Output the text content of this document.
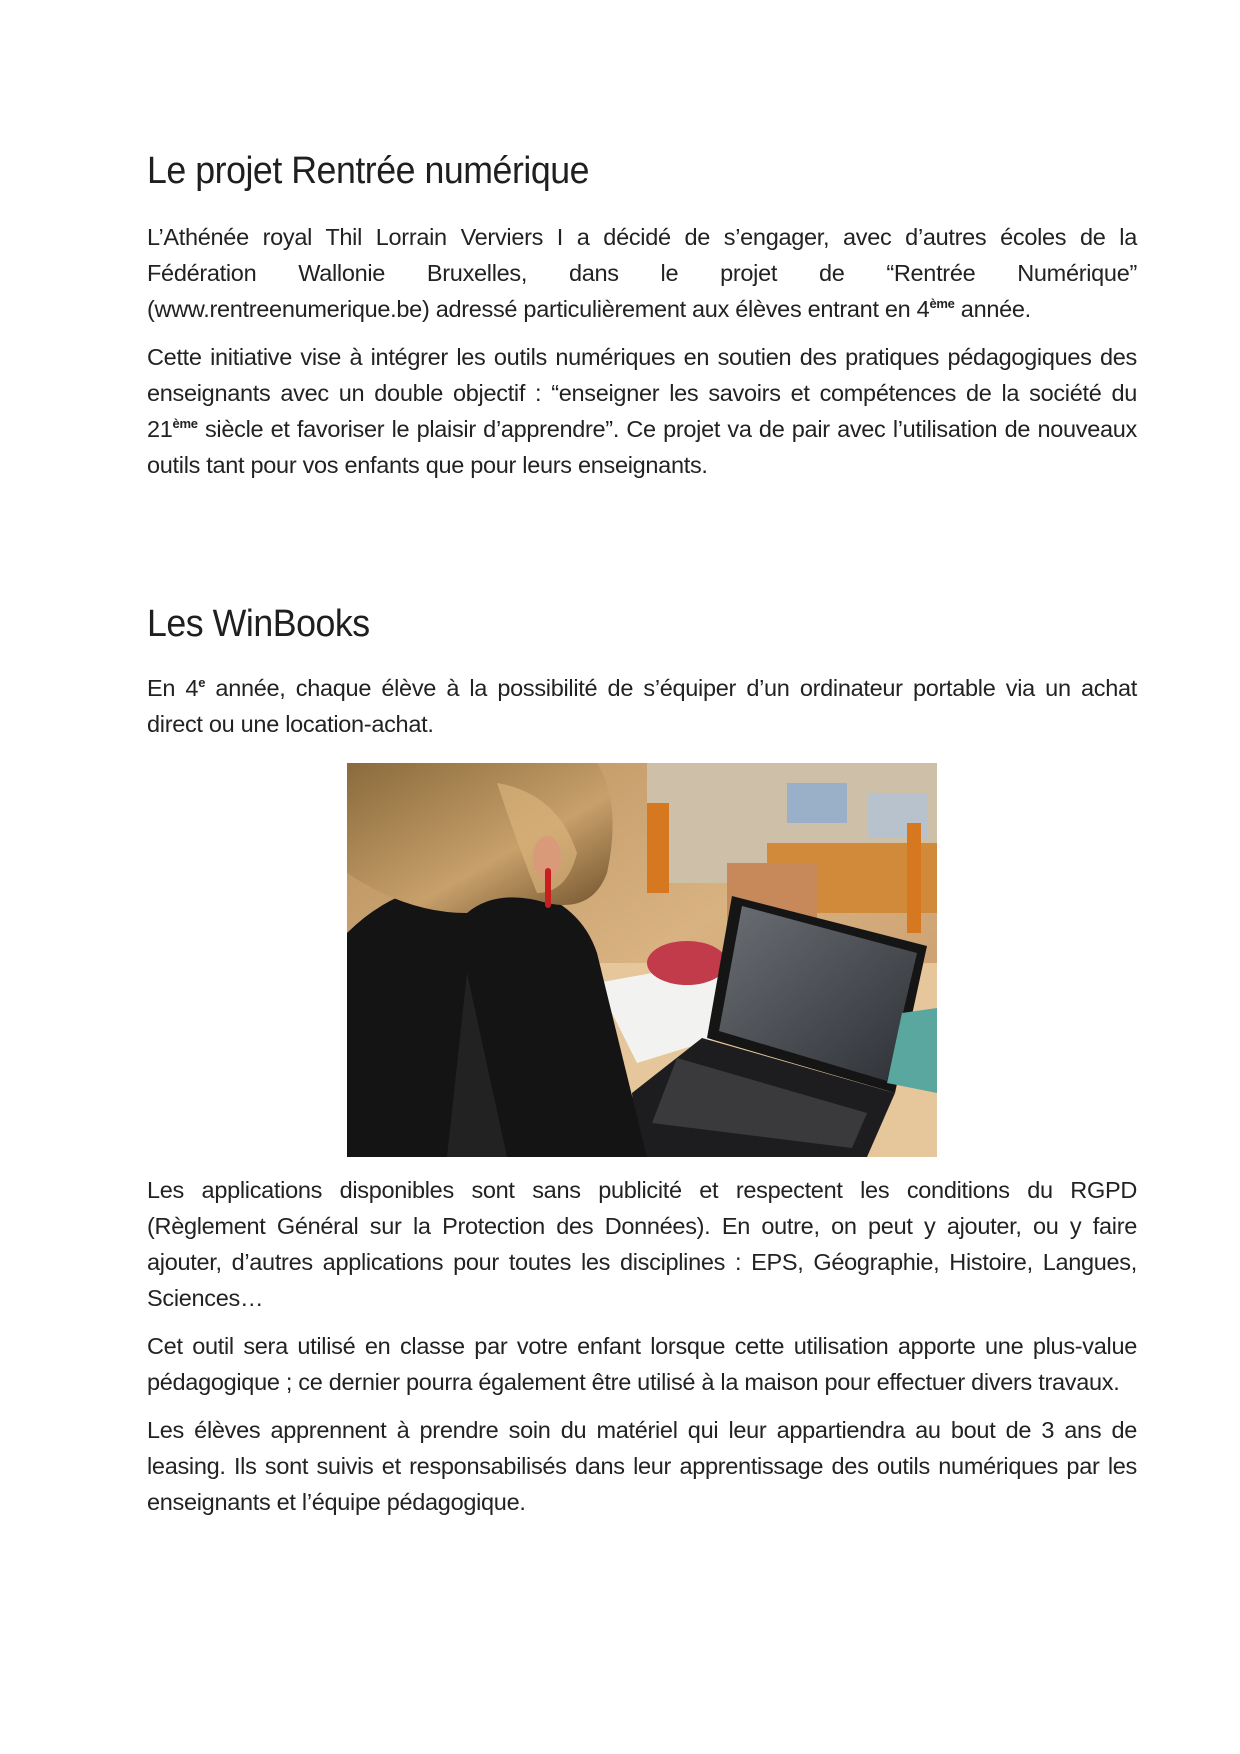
Le projet Rentrée numérique

L’Athénée royal Thil Lorrain Verviers I a décidé de s’engager, avec d’autres écoles de la Fédération Wallonie Bruxelles, dans le projet de “Rentrée Numérique” (www.rentreenumerique.be) adressé particulièrement aux élèves entrant en 4ème année.

Cette initiative vise à intégrer les outils numériques en soutien des pratiques pédagogiques des enseignants avec un double objectif : “enseigner les savoirs et compétences de la société du 21ème siècle et favoriser le plaisir d’apprendre”. Ce projet va de pair avec l’utilisation de nouveaux outils tant pour vos enfants que pour leurs enseignants.

Les WinBooks

En 4e année, chaque élève à la possibilité de s’équiper d’un ordinateur portable via un achat direct ou une location-achat.

Les applications disponibles sont sans publicité et respectent les conditions du RGPD (Règlement Général sur la Protection des Données). En outre, on peut y ajouter, ou y faire ajouter, d’autres applications pour toutes les disciplines : EPS, Géographie, Histoire, Langues, Sciences…

Cet outil sera utilisé en classe par votre enfant lorsque cette utilisation apporte une plus-value pédagogique ; ce dernier pourra également être utilisé à la maison pour effectuer divers travaux.

Les élèves apprennent à prendre soin du matériel qui leur appartiendra au bout de 3 ans de leasing. Ils sont suivis et responsabilisés dans leur apprentissage des outils numériques par les enseignants et l’équipe pédagogique.
